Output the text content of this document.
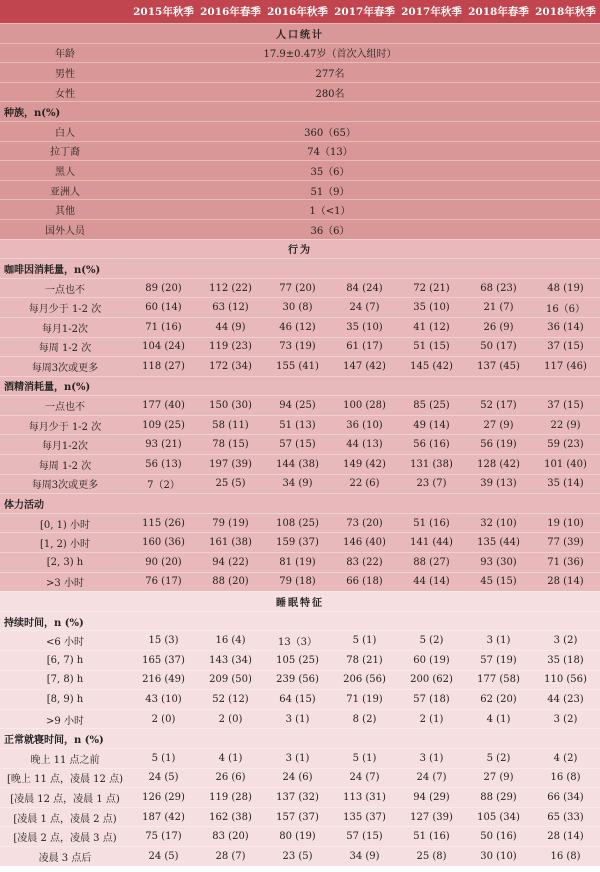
2015年秋季 2016年春季 2016年秋季 2017年春季 2017年秋季 2018年春季 2018年秋季
人口统计
年龄	17.9±0.47岁（首次入组时）
男性	277名
女性	280名
种族，n(%)
白人	360（65）
拉丁裔	74（13）
黑人	35（6）
亚洲人	51（9）
其他	1（<1）
国外人员	36（6）
行为
咖啡因消耗量，n(%)
一点也不	89 (20)	112 (22)	77 (20)	84 (24)	72 (21)	68 (23)	48 (19)
每月少于 1-2 次	60 (14)	63 (12)	30 (8)	24 (7)	35 (10)	21 (7)	16（6）
每月1-2次	71 (16)	44 (9)	46 (12)	35 (10)	41 (12)	26 (9)	36 (14)
每周 1-2 次	104 (24)	119 (23)	73 (19)	61 (17)	51 (15)	50 (17)	37 (15)
每周3次或更多	118 (27)	172 (34)	155 (41)	147 (42)	145 (42)	137 (45)	117 (46)
酒精消耗量，n(%)
一点也不	177 (40)	150 (30)	94 (25)	100 (28)	85 (25)	52 (17)	37 (15)
每月少于 1-2 次	109 (25)	58 (11)	51 (13)	36 (10)	49 (14)	27 (9)	22 (9)
每月1-2次	93 (21)	78 (15)	57 (15)	44 (13)	56 (16)	56 (19)	59 (23)
每周 1-2 次	56 (13)	197 (39)	144 (38)	149 (42)	131 (38)	128 (42)	101 (40)
每周3次或更多	7（2）	25 (5)	34 (9)	22 (6)	23 (7)	39 (13)	35 (14)
体力活动
[0, 1) 小时	115 (26)	79 (19)	108 (25)	73 (20)	51 (16)	32 (10)	19 (10)
[1, 2) 小时	160 (36)	161 (38)	159 (37)	146 (40)	141 (44)	135 (44)	77 (39)
[2, 3) h	90 (20)	94 (22)	81 (19)	83 (22)	88 (27)	93 (30)	71 (36)
>3 小时	76 (17)	88 (20)	79 (18)	66 (18)	44 (14)	45 (15)	28 (14)
睡眠特征
持续时间，n (%)
<6 小时	15 (3)	16 (4)	13（3）	5 (1)	5 (2)	3 (1)	3 (2)
[6, 7) h	165 (37)	143 (34)	105 (25)	78 (21)	60 (19)	57 (19)	35 (18)
[7, 8) h	216 (49)	209 (50)	239 (56)	206 (56)	200 (62)	177 (58)	110 (56)
[8, 9) h	43 (10)	52 (12)	64 (15)	71 (19)	57 (18)	62 (20)	44 (23)
>9 小时	2 (0)	2 (0)	3 (1)	8 (2)	2 (1)	4 (1)	3 (2)
正常就寝时间，n (%)
晚上 11 点之前	5 (1)	4 (1)	3 (1)	5 (1)	3 (1)	5 (2)	4 (2)
[晚上 11 点，凌晨 12 点)	24 (5)	26 (6)	24 (6)	24 (7)	24 (7)	27 (9)	16 (8)
[凌晨 12 点，凌晨 1 点)	126 (29)	119 (28)	137 (32)	113 (31)	94 (29)	88 (29)	66 (34)
[凌晨 1 点，凌晨 2 点)	187 (42)	162 (38)	157 (37)	135 (37)	127 (39)	105 (34)	65 (33)
[凌晨 2 点，凌晨 3 点)	75 (17)	83 (20)	80 (19)	57 (15)	51 (16)	50 (16)	28 (14)
凌晨 3 点后	24 (5)	28 (7)	23 (5)	34 (9)	25 (8)	30 (10)	16 (8)
